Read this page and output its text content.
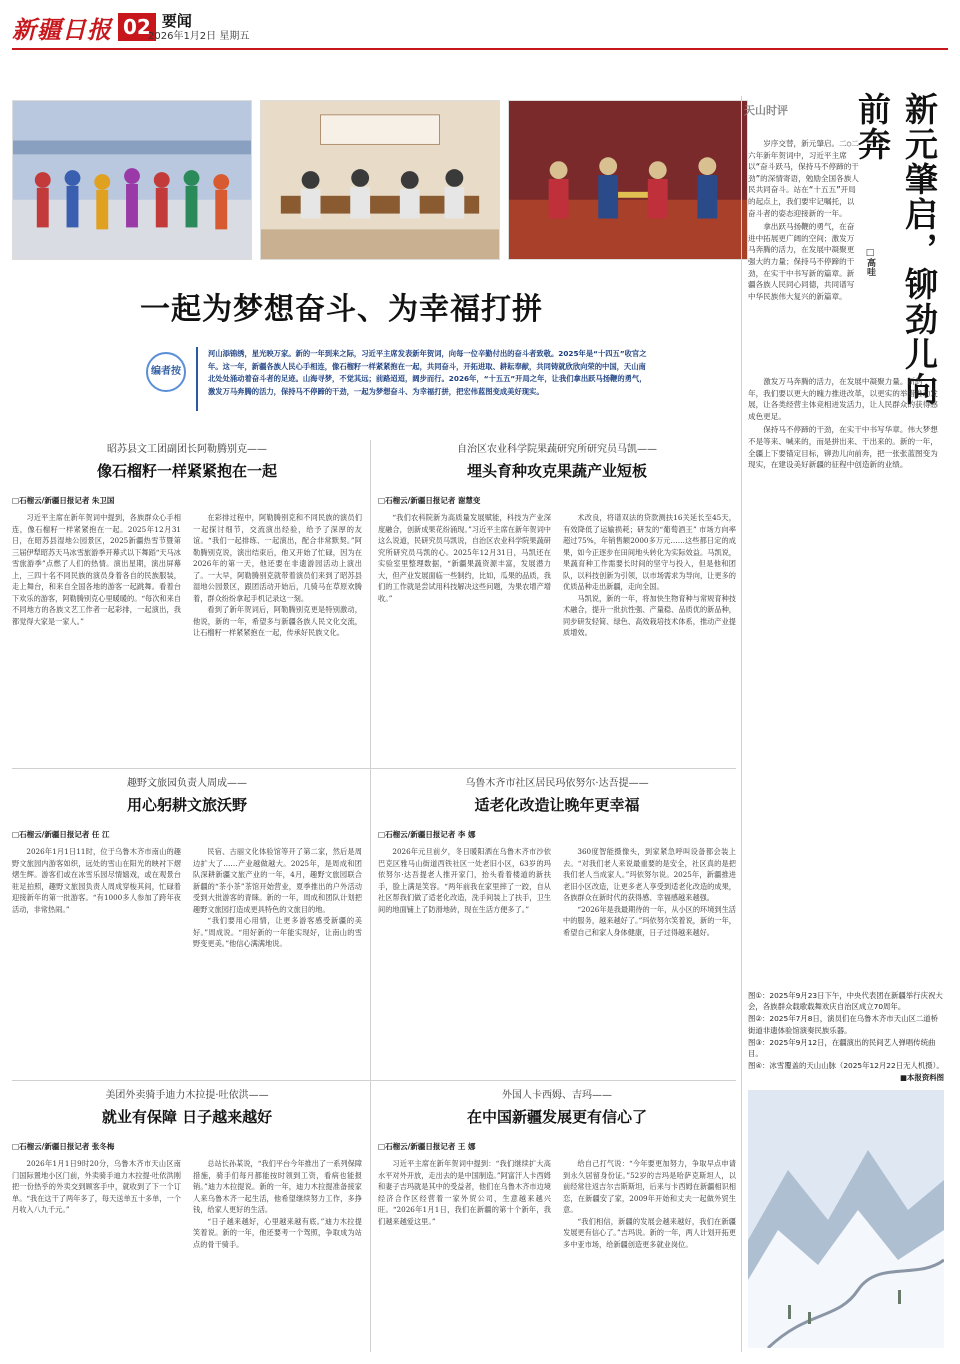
新疆日报 02 要闻
2026年1月2日 星期五
一起为梦想奋斗、为幸福打拼
编者按
河山添锦绣，星光映万家。新的一年到来之际，习近平主席发表新年贺词，向每一位辛勤付出的奋斗者致敬。2025年是“十四五”收官之年。这一年，新疆各族人民心手相连，像石榴籽一样紧紧抱在一起，共同奋斗，开拓进取、耕耘奉献，共同铸就欣欣向荣的中国，天山南北处处涌动着奋斗者的足迹。山海寻梦，不觉其远；前路迢迢，阔步而行。2026年，“十五五”开局之年，让我们拿出跃马扬鞭的勇气，激发万马奔腾的活力，保持马不停蹄的干劲，一起为梦想奋斗、为幸福打拼，把宏伟蓝图变成美好现实。
昭苏县文工团副团长阿勒腾别克——
像石榴籽一样紧紧抱在一起
□石榴云/新疆日报记者 朱卫国

习近平主席在新年贺词中提到，各族群众心手相连，像石榴籽一样紧紧抱在一起。2025年12月31日，在昭苏县湿地公园景区，2025新疆热雪节暨第三届伊犁昭苏天马冰雪旅游季开幕式以下舞蹈“天马冰雪旅游季”点燃了人们的热情。演出星期，演出屏幕上，三四十名不同民族的演员身着各自的民族服装，走上舞台，和来自全国各地的游客一起跳舞。看着台下欢乐的游客，阿勒腾别克心里暖暖的。“每次和来自不同地方的各族文艺工作者一起彩排，一起演出，我都觉得大家是一家人。”

在彩排过程中，阿勒腾别克和不同民族的演员们一起探讨细节，交流演出经验，给予了深厚的友谊。“我们一起排练、一起演出，配合非常默契。”阿勒腾别克说，演出结束后，他又开始了忙碌，因为在2026年的第一天，他还要在非遗游园活动上演出了。一大早，阿勒腾别克就带着演员们来到了昭苏县湿地公园景区，跟团活动开始后，几骑马在草原欢腾着，群众纷纷拿起手机记录这一刻。

看到了新年贺词后，阿勒腾别克更是特别激动，他说，新的一年，希望多与新疆各族人民文化交流，让石榴籽一样紧紧抱在一起，传承好民族文化。

自治区农业科学院果蔬研究所研究员马凯——
埋头育种攻克果蔬产业短板
□石榴云/新疆日报记者 谢慧变

“我们农科院新为高质量发展赋能，科技为产业深度融合，创新成果花纷涌现。”习近平主席在新年贺词中这么说道，民研究员马凯说，自治区农业科学院果蔬研究所研究员马凯的心。2025年12月31日，马凯还在实验室里整理数据，“新疆果蔬资源丰富，发展潜力大，但产业发展面临一些制约，比如，瓜果的品质，我们的工作就是尝试用科技解决这些问题，为果农增产增收。”

术改良，将谱双法的贷款测扶16关延长至45天，有效降低了运输损耗；研发的“葡萄酒王” 市场方向率超过75%，年销售额2000多万元……这些都日定的成果，如今正逐步在田间地头转化为实际效益。马凯说，果蔬育种工作需要长时间的坚守与投入，但是他和团队，以科技创新为引领，以市场需求为导向，让更多的优质品种走出新疆，走向全国。

马凯说，新的一年，将加快生物育种与常规育种技术融合，提升一批抗性强、产量稳、品质优的新品种，同步研发轻简、绿色、高效栽培技术体系，推动产业提质增效。

趣野文旅园负责人周成——
用心躬耕文旅沃野
□石榴云/新疆日报记者 任 江

2026年1月1日11时，位于乌鲁木齐市南山的趣野文旅园内游客如织，远处的雪山在阳光的映衬下熠熠生辉。游客们或在冰雪乐园尽情嬉戏，或在观景台驻足拍照，趣野文旅园负责人周成穿梭其间，忙碌着迎接新年的第一批游客。“有1000多人参加了跨年夜活动，非常热闹。”

民宿、古丽文化体验馆等开了第二家，然后是周边扩大了……产业越做越大。2025年，是周成和团队深耕新疆文旅产业的一年，4月，趣野文旅园联合新疆的“茶小茶”茶馆开始营业，夏季推出的户外活动受到大批游客的青睐。新的一年，周成和团队计划把趣野文旅园打造成更具特色的文旅目的地。

“我们要用心用情，让更多游客感受新疆的美好。”周成说。“用好新的一年能实现好，让南山的雪野变更美。”他信心满满地说。

乌鲁木齐市社区居民玛依努尔·达吾提——
适老化改造让晚年更幸福
□石榴云/新疆日报记者 李 娜

2026年元旦前夕，冬日暖阳洒在乌鲁木齐市沙依巴克区雅马山街道西铁社区一处老旧小区，63岁的玛依努尔·达吾提老人推开家门，抬头看着楼道的新扶手，脸上满是笑容。“两年前我在家里摔了一跤，自从社区帮我们做了适老化改造，洗手间装上了扶手，卫生间的地面铺上了防滑地砖，现在生活方便多了。”

360度智能摄像头，到家紧急呼叫设备都会装上去。“对我们老人来说最重要的是安全，社区真的是把我们老人当成家人。”玛依努尔说。2025年，新疆推进老旧小区改造，让更多老人享受到适老化改造的成果，各族群众在新时代的获得感、幸福感越来越强。

“2026年是我最期待的一年，从小区的环境到生活中的服务，越来越好了。”玛依努尔笑着说，新的一年，希望自己和家人身体健康，日子过得越来越好。

美团外卖骑手迪力木拉提·吐依洪——
就业有保障 日子越来越好
□石榴云/新疆日报记者 张冬梅

2026年1月1日9时20分，乌鲁木齐市天山区南门国际置地小区门前，外卖骑手迪力木拉提·吐依洪刚把一份热乎的外卖交到顾客手中，就收到了下一个订单。“我在这干了两年多了，每天送单五十多单，一个月收入八九千元。”

总站长孙某说，“我们平台今年推出了一系列保障措施，骑手们每月都能按时领到工资，看病也能报销。”迪力木拉提说。新的一年，迪力木拉提准备接家人来乌鲁木齐一起生活，他希望继续努力工作，多挣钱，给家人更好的生活。

“日子越来越好，心里越来越有底。”迪力木拉提笑着说。新的一年，他还要考一个驾照，争取成为站点的骨干骑手。

外国人卡西姆、吉玛——
在中国新疆发展更有信心了
□石榴云/新疆日报记者 王 娜

习近平主席在新年贺词中提到：“我们继续扩大高水平对外开放，走出去的是中国制造。”阿富汗人卡西姆和妻子吉玛就是其中的受益者，他们在乌鲁木齐市边境经济合作区经营着一家外贸公司，生意越来越兴旺。“2026年1月1日，我们在新疆的第十个新年，我们越来越爱这里。”

给自己打气说：“今年要更加努力，争取早点申请到永久居留身份证。”52岁的吉玛是哈萨克斯坦人，以前经常往返吉尔吉斯斯坦，后来与卡西姆在新疆相识相恋，在新疆安了家，2009年开始和丈夫一起做外贸生意。

“我们相信，新疆的发展会越来越好，我们在新疆发展更有信心了。”吉玛说。新的一年，两人计划开拓更多中亚市场，给新疆创造更多就业岗位。

天山时评	新元肇启，铆劲儿向前奔
□高哇

岁序交替，新元肇启。二○二六年新年贺词中，习近平主席以“奋斗跃马，保持马不停蹄的干劲”的深情寄语，勉励全国各族人民共同奋斗。站在“十五五”开局的起点上，我们要牢记嘱托，以奋斗者的姿态迎接新的一年。

拿出跃马扬鞭的勇气，在奋进中拓展更广阔的空间；激发万马奔腾的活力，在发展中凝聚更强大的力量；保持马不停蹄的干劲，在实干中书写新的篇章。新疆各族人民同心同德，共同谱写中华民族伟大复兴的新篇章。

激发万马奔腾的活力，在发展中凝聚力量。新的一年，我们要以更大的魄力推进改革，以更实的举措推动发展，让各类经营主体竞相迸发活力，让人民群众的获得感成色更足。

保持马不停蹄的干劲，在实干中书写华章。伟大梦想不是等来、喊来的，而是拼出来、干出来的。新的一年，全疆上下要锚定目标，铆劲儿向前奔，把一张张蓝图变为现实，在建设美好新疆的征程中创造新的业绩。

图①：2025年9月23日下午，中央代表团在新疆举行庆祝大会，各族群众载歌载舞欢庆自治区成立70周年。

图②：2025年7月8日，演员们在乌鲁木齐市天山区二道桥街道非遗体验馆演奏民族乐器。

图③：2025年9月12日，在疆演出的民间艺人弹唱传统曲目。

图④：冰雪覆盖的天山山脉（2025年12月22日无人机摄）。

■本报资料图
